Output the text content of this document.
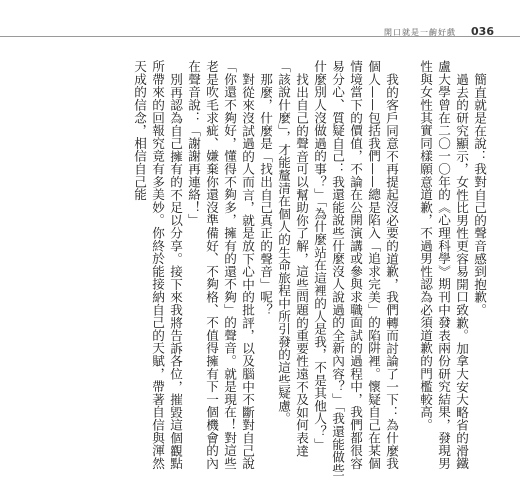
開口就是一齣好戲 036

簡直就是在說：我對自己的聲音感到抱歉。

過去的研究顯示，女性比男性更容易開口致歉。加拿大安大略省的滑鐵盧大學曾在二〇一〇年的《心理科學》期刊中發表兩份研究結果，發現男性與女性其實同樣願意道歉，不過男性認為必須道歉的門檻較高。

我的客戶同意不再提起沒必要的道歉，我們轉而討論了一下：為什麼我個人——包括我們——總是陷入「追求完美」的陷阱裡。懷疑自己在某個情境當下的價值，不論在公開演講或參與求職面試的過程中，我們都很容易分心、質疑自己：我還能說些什麼沒人說過的全新內容？」「我還能做些什麼別人沒做過的事？」「為什麼站在這裡的人是我，不是其他人？」

找出自己的聲音可以幫助你了解，這些問題的重要性遠不及如何表達「該說什麼」，才能釐清在個人的生命旅程中所引發的這些疑慮。

那麼，什麼是「找出自己真正的聲音」呢？

對從來沒試過的人而言，就是放下心中的批評，以及腦中不斷對自己說「你還不夠好，懂得不夠多，擁有的還不夠」的聲音。就是現在！對這些老是吹毛求疵、嫌棄你還沒準備好、不夠格、不值得擁有下一個機會的內在聲音說：「謝謝再連絡！」

別再認為自己擁有的不足以分享。接下來我將告訴各位，摧毀這個觀點所帶來的回報究竟有多美妙。你終於能接納自己的天賦，帶著自信與渾然天成的信念，相信自己能
